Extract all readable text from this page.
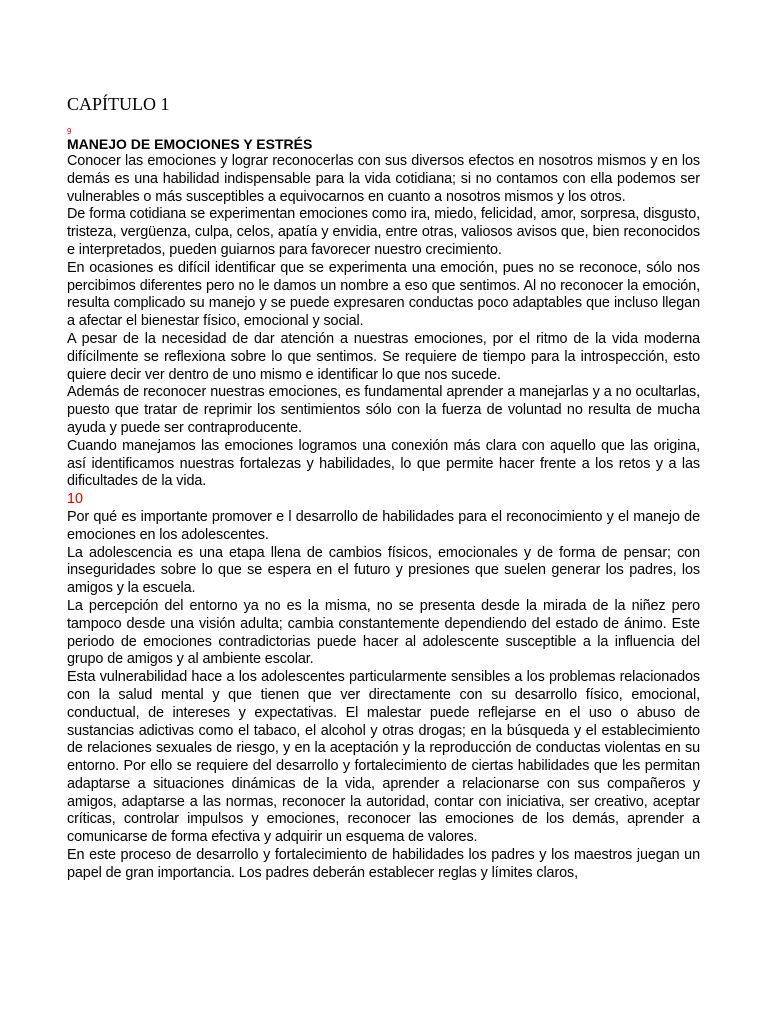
CAPÍTULO 1

9

MANEJO DE EMOCIONES Y ESTRÉS

Conocer las emociones y lograr reconocerlas con sus diversos efectos en nosotros mismos y en los demás es una habilidad indispensable para la vida cotidiana; si no contamos con ella podemos ser vulnerables o más susceptibles a equivocarnos en cuanto a nosotros mismos y los otros.

De forma cotidiana se experimentan emociones como ira, miedo, felicidad, amor, sorpresa, disgusto, tristeza, vergüenza, culpa, celos, apatía y envidia, entre otras, valiosos avisos que, bien reconocidos e interpretados, pueden guiarnos para favorecer nuestro crecimiento.

En ocasiones es difícil identificar que se experimenta una emoción, pues no se reconoce, sólo nos percibimos diferentes pero no le damos un nombre a eso que sentimos. Al no reconocer la emoción, resulta complicado su manejo y se puede expresaren conductas poco adaptables que incluso llegan a afectar el bienestar físico, emocional y social.

A pesar de la necesidad de dar atención a nuestras emociones, por el ritmo de la vida moderna difícilmente se reflexiona sobre lo que sentimos. Se requiere de tiempo para la introspección, esto quiere decir ver dentro de uno mismo e identificar lo que nos sucede.

Además de reconocer nuestras emociones, es fundamental aprender a manejarlas y a no ocultarlas, puesto que tratar de reprimir los sentimientos sólo con la fuerza de voluntad no resulta de mucha ayuda y puede ser contraproducente.

Cuando manejamos las emociones logramos una conexión más clara con aquello que las origina, así identificamos nuestras fortalezas y habilidades, lo que permite hacer frente a los retos y a las dificultades de la vida.

10

Por qué es importante promover e l desarrollo de habilidades para el reconocimiento y el manejo de emociones en los adolescentes.

La adolescencia es una etapa llena de cambios físicos, emocionales y de forma de pensar; con inseguridades sobre lo que se espera en el futuro y presiones que suelen generar los padres, los amigos y la escuela.

La percepción del entorno ya no es la misma, no se presenta desde la mirada de la niñez pero tampoco desde una visión adulta; cambia constantemente dependiendo del estado de ánimo. Este periodo de emociones contradictorias puede hacer al adolescente susceptible a la influencia del grupo de amigos y al ambiente escolar.

Esta vulnerabilidad hace a los adolescentes particularmente sensibles a los problemas relacionados con la salud mental y que tienen que ver directamente con su desarrollo físico, emocional, conductual, de intereses y expectativas. El malestar puede reflejarse en el uso o abuso de sustancias adictivas como el tabaco, el alcohol y otras drogas; en la búsqueda y el establecimiento de relaciones sexuales de riesgo, y en la aceptación y la reproducción de conductas violentas en su entorno. Por ello se requiere del desarrollo y fortalecimiento de ciertas habilidades que les permitan adaptarse a situaciones dinámicas de la vida, aprender a relacionarse con sus compañeros y amigos, adaptarse a las normas, reconocer la autoridad, contar con iniciativa, ser creativo, aceptar críticas, controlar impulsos y emociones, reconocer las emociones de los demás, aprender a comunicarse de forma efectiva y adquirir un esquema de valores.

En este proceso de desarrollo y fortalecimiento de habilidades los padres y los maestros juegan un papel de gran importancia. Los padres deberán establecer reglas y límites claros,
